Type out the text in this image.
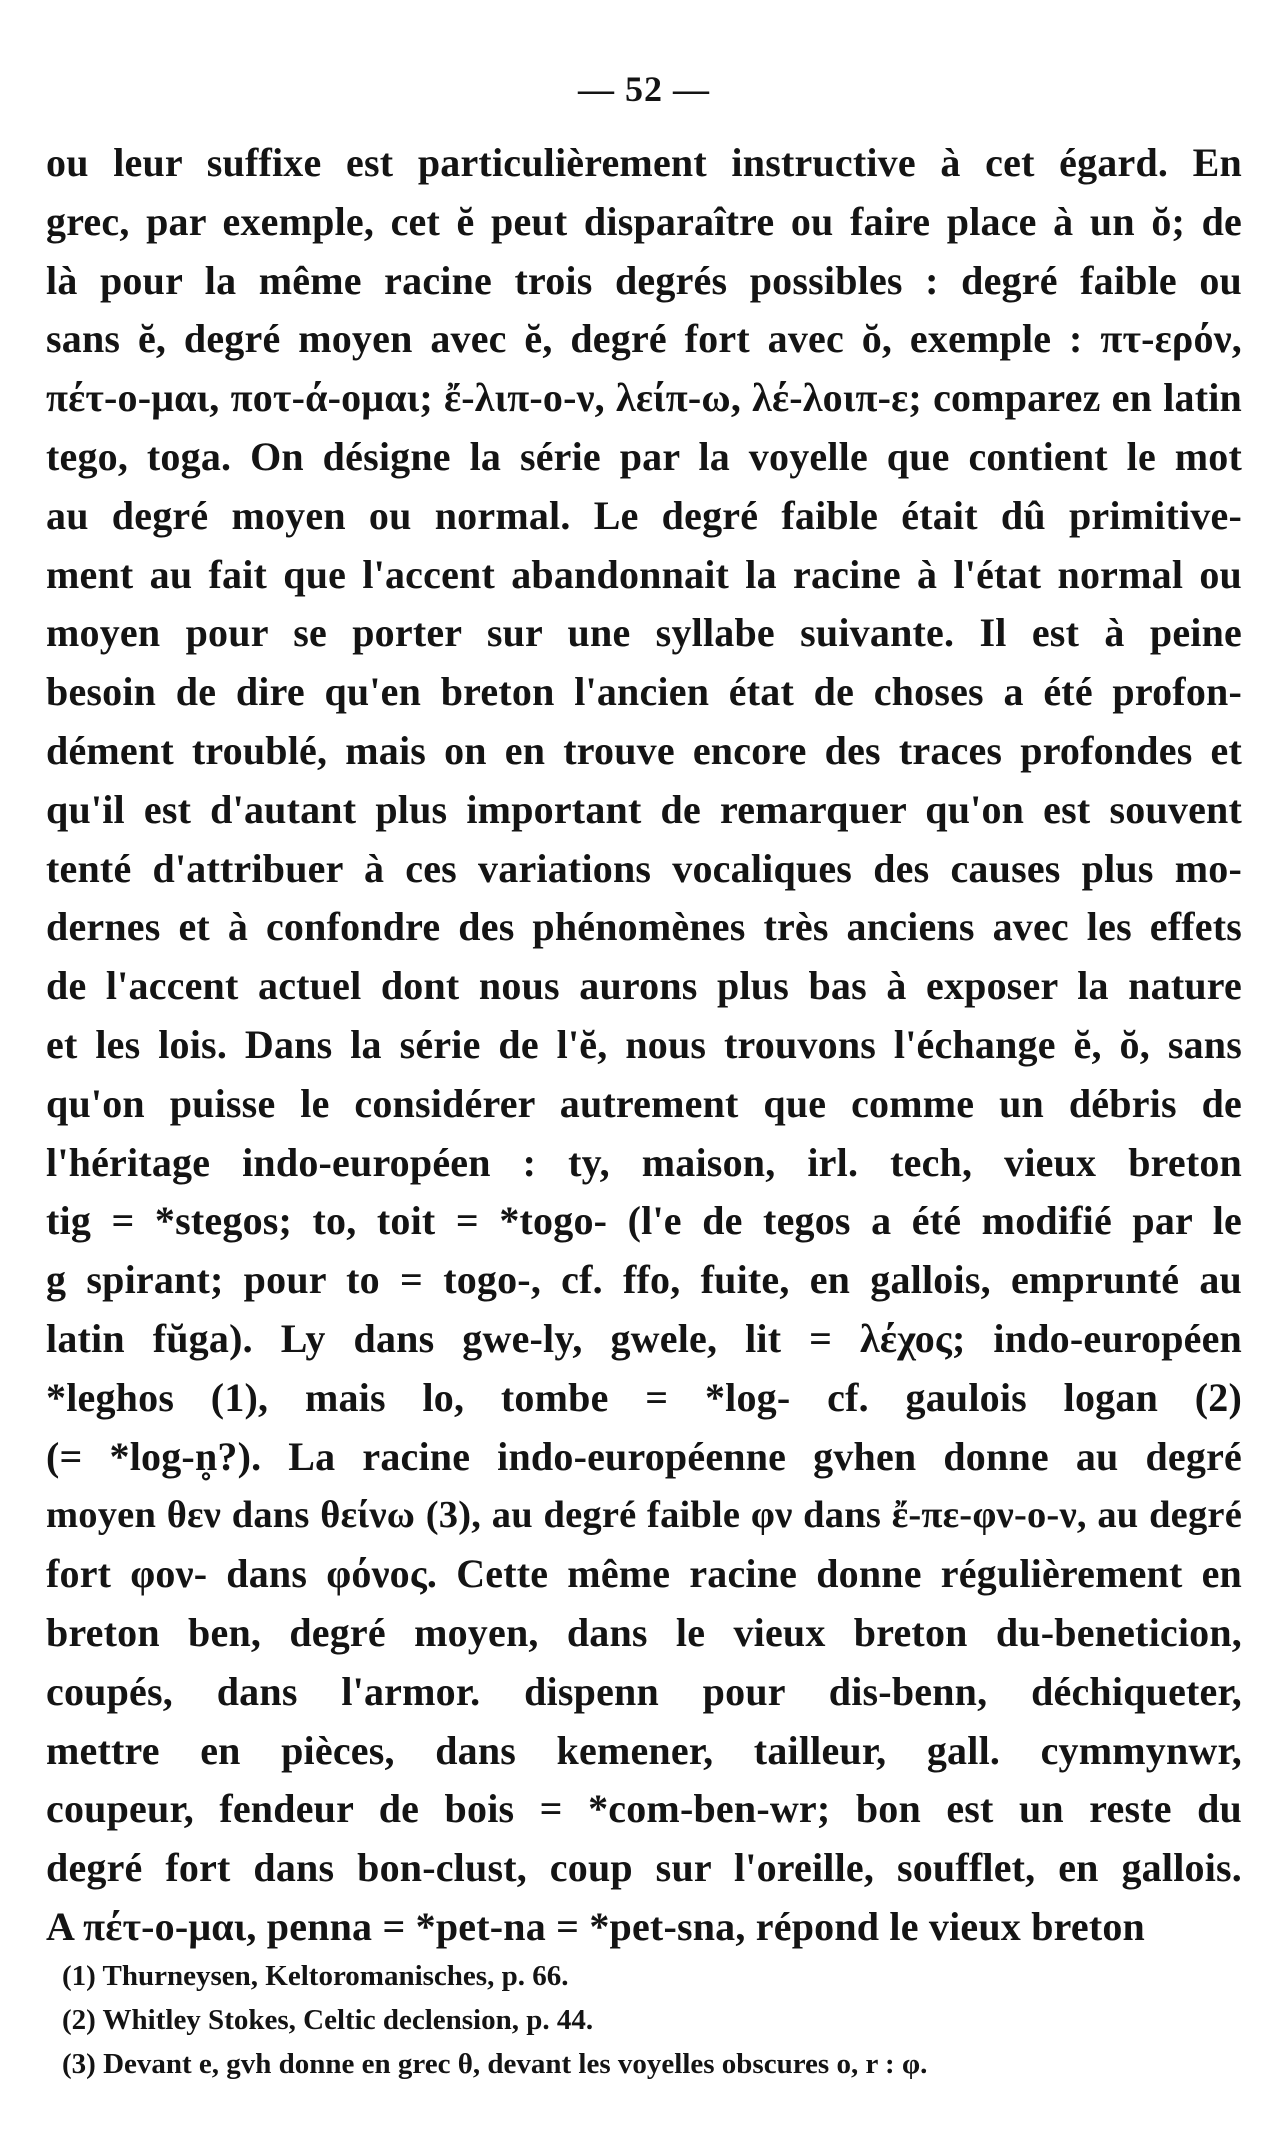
— 52 —
ou leur suffixe est particulièrement instructive à cet égard. En
grec, par exemple, cet ĕ peut disparaître ou faire place à un ŏ; de
là pour la même racine trois degrés possibles : degré faible ou
sans ĕ, degré moyen avec ĕ, degré fort avec ŏ, exemple : πτ-ερόν,
πέτ-ο-μαι, ποτ-ά-ομαι; ἔ-λιπ-ο-ν, λείπ-ω, λέ-λοιπ-ε; comparez en latin
tego, toga. On désigne la série par la voyelle que contient le mot
au degré moyen ou normal. Le degré faible était dû primitive-
ment au fait que l'accent abandonnait la racine à l'état normal ou
moyen pour se porter sur une syllabe suivante. Il est à peine
besoin de dire qu'en breton l'ancien état de choses a été profon-
dément troublé, mais on en trouve encore des traces profondes et
qu'il est d'autant plus important de remarquer qu'on est souvent
tenté d'attribuer à ces variations vocaliques des causes plus mo-
dernes et à confondre des phénomènes très anciens avec les effets
de l'accent actuel dont nous aurons plus bas à exposer la nature
et les lois. Dans la série de l'ĕ, nous trouvons l'échange ĕ, ŏ, sans
qu'on puisse le considérer autrement que comme un débris de
l'héritage indo-européen : ty, maison, irl. tech, vieux breton
tig = *stegos; to, toit = *togo- (l'e de tegos a été modifié par le
g spirant; pour to = togo-, cf. ffo, fuite, en gallois, emprunté au
latin fŭga). Ly dans gwe-ly, gwele, lit = λέχος; indo-européen
*leghos (1), mais lo, tombe = *log- cf. gaulois logan (2)
(= *log-n̥?). La racine indo-européenne gvhen donne au degré
moyen θεν dans θείνω (3), au degré faible φν dans ἔ-πε-φν-ο-ν, au degré
fort φον- dans φόνος. Cette même racine donne régulièrement en
breton ben, degré moyen, dans le vieux breton du-beneticion,
coupés, dans l'armor. dispenn pour dis-benn, déchiqueter,
mettre en pièces, dans kemener, tailleur, gall. cymmynwr,
coupeur, fendeur de bois = *com-ben-wr; bon est un reste du
degré fort dans bon-clust, coup sur l'oreille, soufflet, en gallois.
A πέτ-ο-μαι, penna = *pet-na = *pet-sna, répond le vieux breton
(1) Thurneysen, Keltoromanisches, p. 66.
(2) Whitley Stokes, Celtic declension, p. 44.
(3) Devant e, gvh donne en grec θ, devant les voyelles obscures o, r : φ.
